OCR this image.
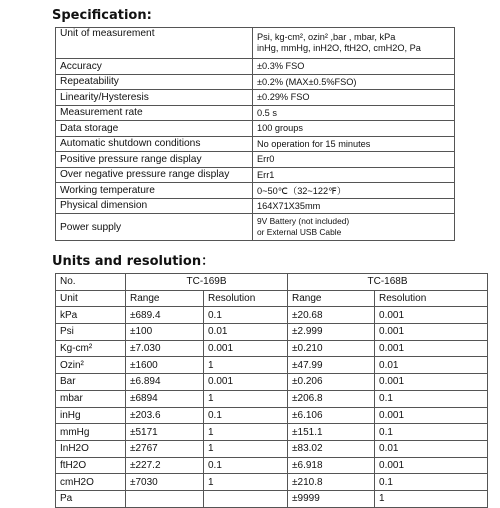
Specification:
Unit of measurement	Psi, kg-cm², ozin² ,bar , mbar, kPa
inHg, mmHg, inH2O, ftH2O, cmH2O, Pa

Accuracy	±0.3% FSO
Repeatability	±0.2% (MAX±0.5%FSO)
Linearity/Hysteresis	±0.29% FSO
Measurement rate	0.5 s
Data storage	100 groups
Automatic shutdown conditions	No operation for 15 minutes
Positive pressure range display	Err0
Over negative pressure range display	Err1
Working temperature	0~50℃（32~122℉）
Physical dimension	164X71X35mm
Power supply	9V Battery (not included)
or External USB Cable
Units and resolution：
No.	TC-169B		TC-168B	
Unit	Range	Resolution	Range	Resolution
kPa	±689.4	0.1	±20.68	0.001
Psi	±100	0.01	±2.999	0.001
Kg-cm²	±7.030	0.001	±0.210	0.001
Ozin²	±1600	1	±47.99	0.01
Bar	±6.894	0.001	±0.206	0.001
mbar	±6894	1	±206.8	0.1
inHg	±203.6	0.1	±6.106	0.001
mmHg	±5171	1	±151.1	0.1
InH2O	±2767	1	±83.02	0.01
ftH2O	±227.2	0.1	±6.918	0.001
cmH2O	±7030	1	±210.8	0.1
Pa			±9999	1
